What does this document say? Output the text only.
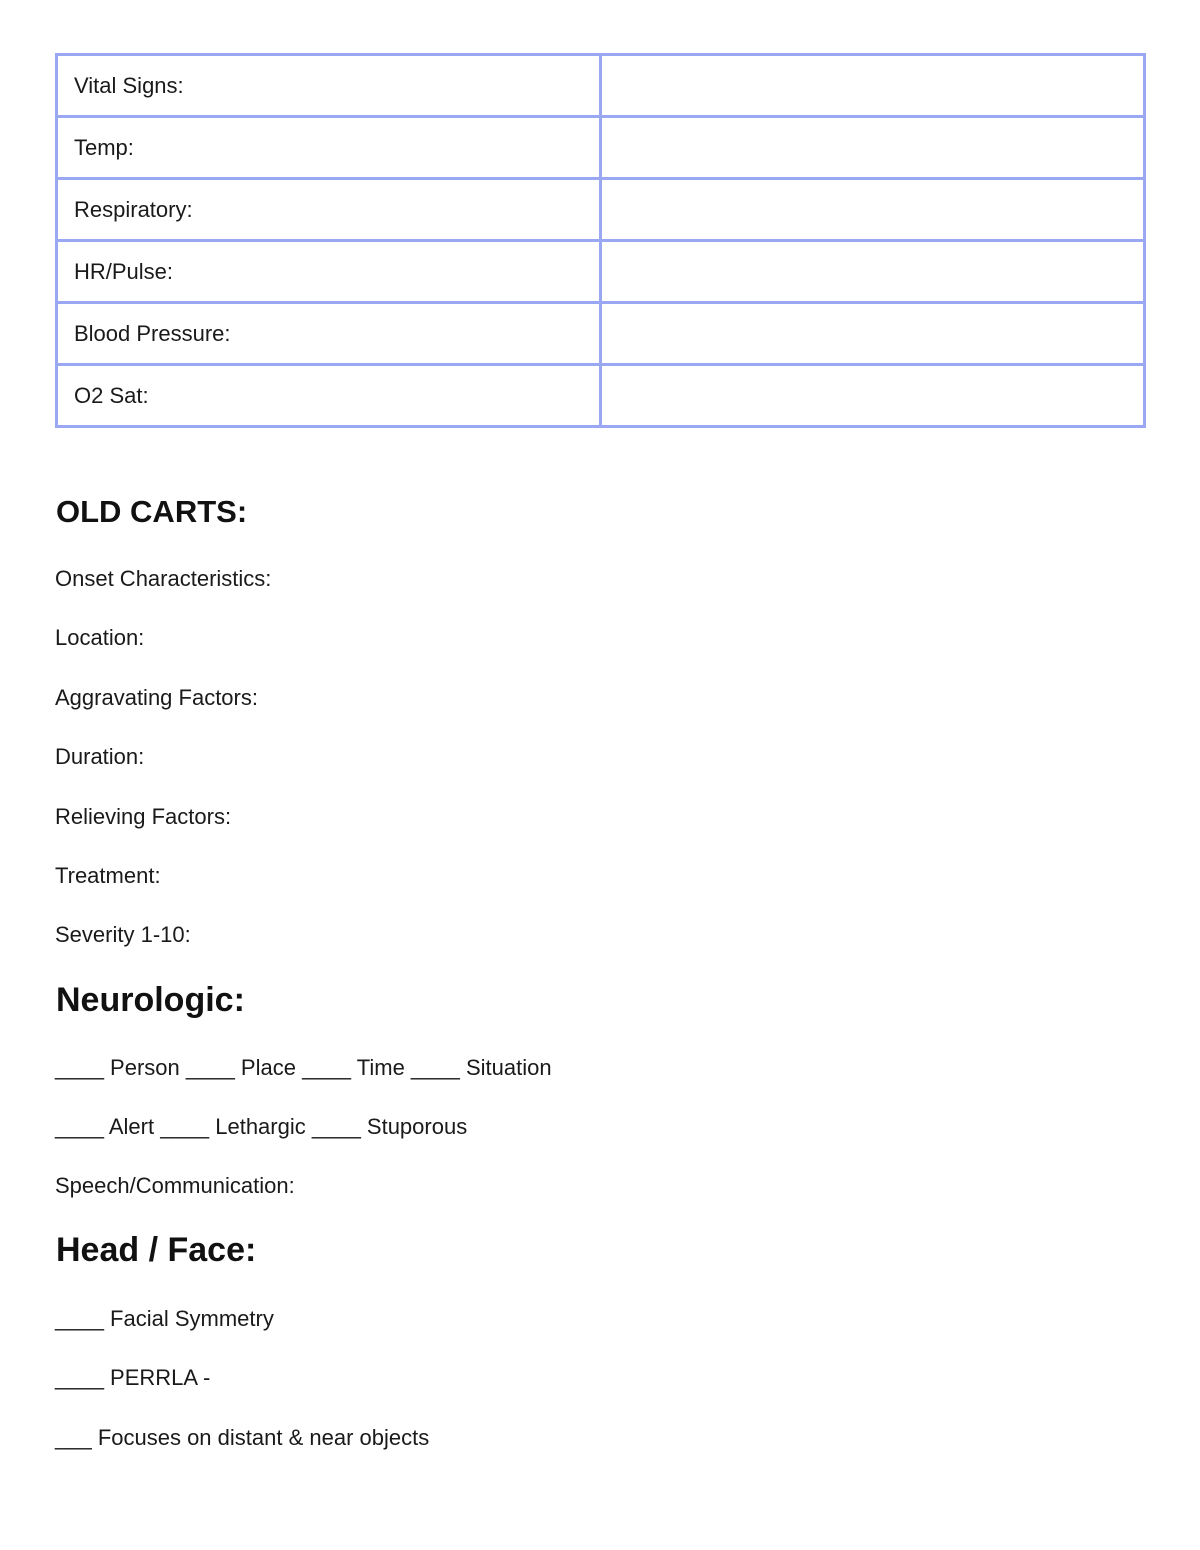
Vital Signs:	
Temp:	
Respiratory:	
HR/Pulse:	
Blood Pressure:	
O2 Sat:	
OLD CARTS:

Onset Characteristics:

Location:

Aggravating Factors:

Duration:

Relieving Factors:

Treatment:

Severity 1-10:

Neurologic:

____ Person ____ Place ____ Time ____ Situation

____ Alert ____ Lethargic ____ Stuporous

Speech/Communication:

Head / Face:

____ Facial Symmetry

____ PERRLA -

___ Focuses on distant & near objects
